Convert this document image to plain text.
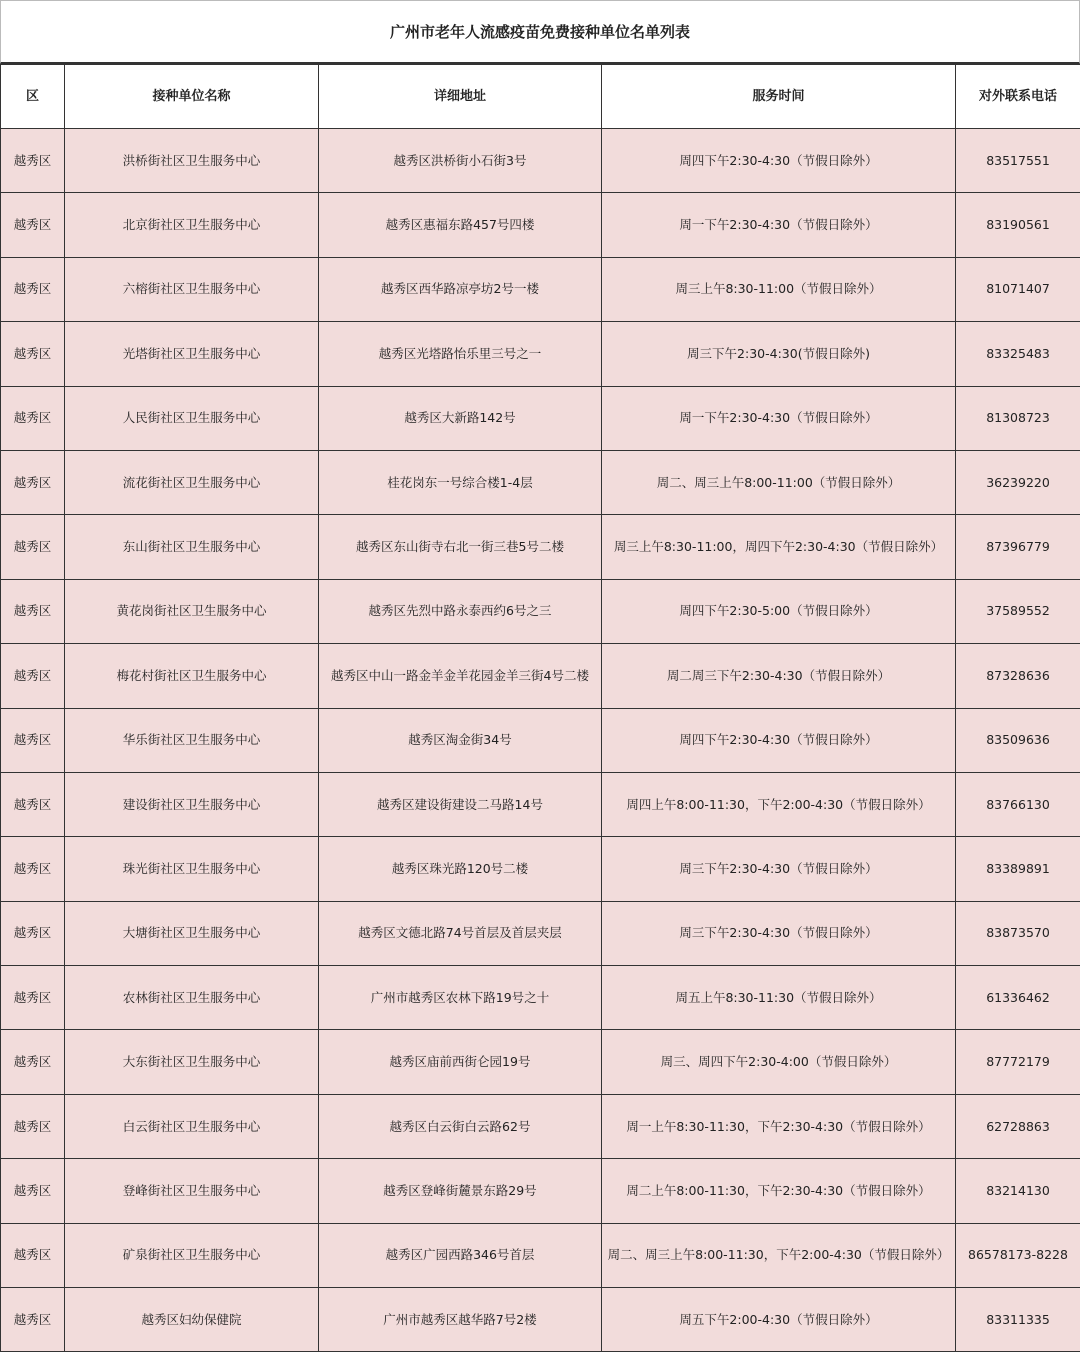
广州市老年人流感疫苗免费接种单位名单列表
区	接种单位名称	详细地址	服务时间	对外联系电话
越秀区	洪桥街社区卫生服务中心	越秀区洪桥街小石街3号	周四下午2:30-4:30（节假日除外）	83517551
越秀区	北京街社区卫生服务中心	越秀区惠福东路457号四楼	周一下午2:30-4:30（节假日除外）	83190561
越秀区	六榕街社区卫生服务中心	越秀区西华路凉亭坊2号一楼	周三上午8:30-11:00（节假日除外）	81071407
越秀区	光塔街社区卫生服务中心	越秀区光塔路怡乐里三号之一	周三下午2:30-4:30(节假日除外)	83325483
越秀区	人民街社区卫生服务中心	越秀区大新路142号	周一下午2:30-4:30（节假日除外）	81308723
越秀区	流花街社区卫生服务中心	桂花岗东一号综合楼1-4层	周二、周三上午8:00-11:00（节假日除外）	36239220
越秀区	东山街社区卫生服务中心	越秀区东山街寺右北一街三巷5号二楼	周三上午8:30-11:00，周四下午2:30-4:30（节假日除外）	87396779
越秀区	黄花岗街社区卫生服务中心	越秀区先烈中路永泰西约6号之三	周四下午2:30-5:00（节假日除外）	37589552
越秀区	梅花村街社区卫生服务中心	越秀区中山一路金羊金羊花园金羊三街4号二楼	周二周三下午2:30-4:30（节假日除外）	87328636
越秀区	华乐街社区卫生服务中心	越秀区淘金街34号	周四下午2:30-4:30（节假日除外）	83509636
越秀区	建设街社区卫生服务中心	越秀区建设街建设二马路14号	周四上午8:00-11:30，下午2:00-4:30（节假日除外）	83766130
越秀区	珠光街社区卫生服务中心	越秀区珠光路120号二楼	周三下午2:30-4:30（节假日除外）	83389891
越秀区	大塘街社区卫生服务中心	越秀区文德北路74号首层及首层夹层	周三下午2:30-4:30（节假日除外）	83873570
越秀区	农林街社区卫生服务中心	广州市越秀区农林下路19号之十	周五上午8:30-11:30（节假日除外）	61336462
越秀区	大东街社区卫生服务中心	越秀区庙前西街仑园19号	周三、周四下午2:30-4:00（节假日除外）	87772179
越秀区	白云街社区卫生服务中心	越秀区白云街白云路62号	周一上午8:30-11:30，下午2:30-4:30（节假日除外）	62728863
越秀区	登峰街社区卫生服务中心	越秀区登峰街麓景东路29号	周二上午8:00-11:30，下午2:30-4:30（节假日除外）	83214130
越秀区	矿泉街社区卫生服务中心	越秀区广园西路346号首层	周二、周三上午8:00-11:30，下午2:00-4:30（节假日除外）	86578173-8228
越秀区	越秀区妇幼保健院	广州市越秀区越华路7号2楼	周五下午2:00-4:30（节假日除外）	83311335
